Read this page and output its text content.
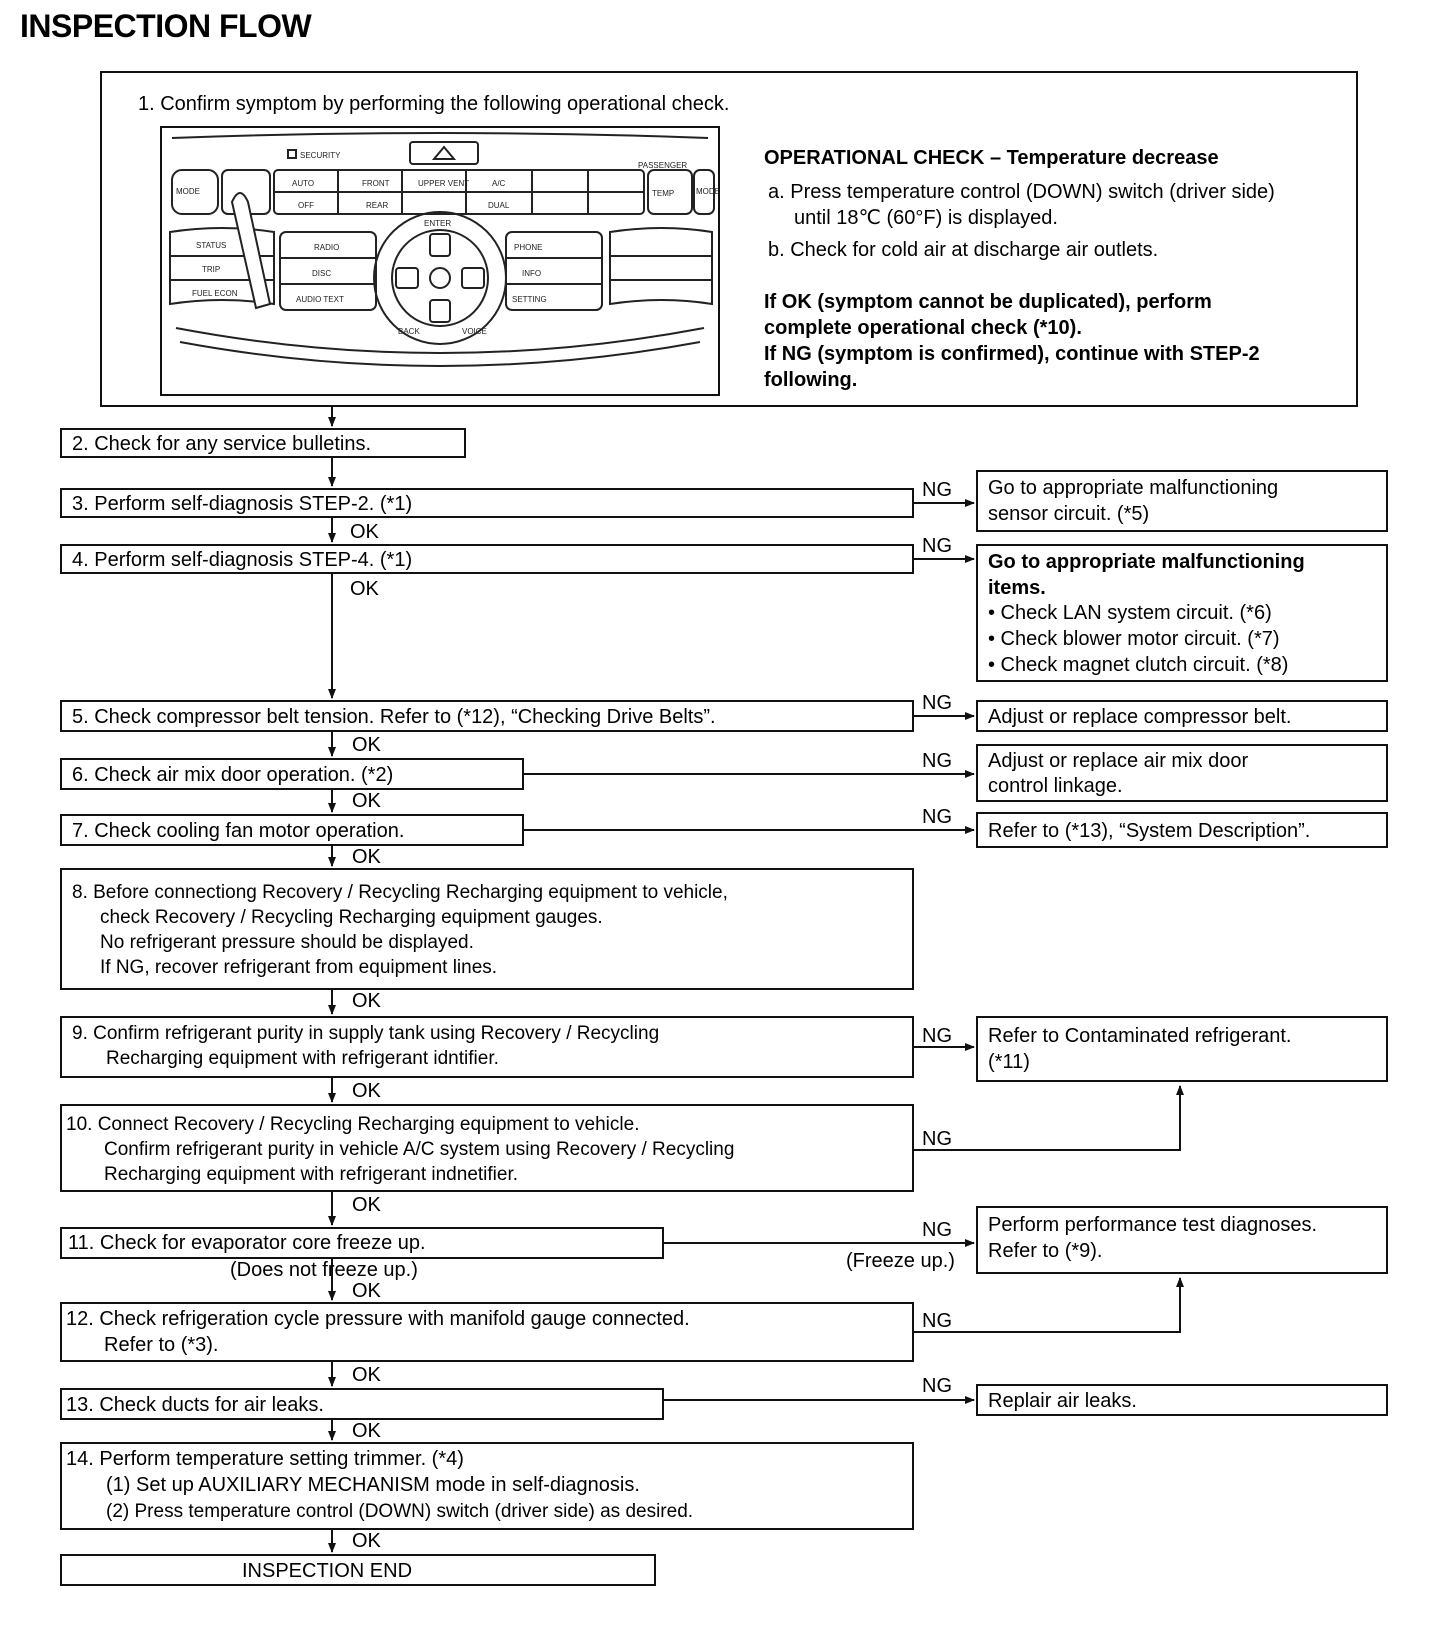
INSPECTION FLOW
1. Confirm symptom by performing the following operational check.
OPERATIONAL CHECK – Temperature decrease
a. Press temperature control (DOWN) switch (driver side)
until 18℃ (60°F) is displayed.
b. Check for cold air at discharge air outlets.
If OK (symptom cannot be duplicated), perform
complete operational check (*10).
If NG (symptom is confirmed), continue with STEP-2
following.
SECURITY
PASSENGER
MODE
AUTO
OFF
FRONT
REAR
UPPER VENT	A/C
DUAL
TEMP	MODE
STATUS
TRIP
FUEL ECON
RADIO
DISC
AUDIO TEXT
ENTER
BACK	VOICE
PHONE
INFO
SETTING
2. Check for any service bulletins.
3. Perform self-diagnosis STEP-2. (*1)
4. Perform self-diagnosis STEP-4. (*1)
5. Check compressor belt tension. Refer to (*12), “Checking Drive Belts”.
6. Check air mix door operation. (*2)
7. Check cooling fan motor operation.
8. Before connectiong Recovery / Recycling Recharging equipment to vehicle,
check Recovery / Recycling Recharging equipment gauges.
No refrigerant pressure should be displayed.
If NG, recover refrigerant from equipment lines.
9. Confirm refrigerant purity in supply tank using Recovery / Recycling
Recharging equipment with refrigerant idntifier.
10. Connect Recovery / Recycling Recharging equipment to vehicle.
Confirm refrigerant purity in vehicle A/C system using Recovery / Recycling
Recharging equipment with refrigerant indnetifier.
11. Check for evaporator core freeze up.
12. Check refrigeration cycle pressure with manifold gauge connected.
Refer to (*3).
13. Check ducts for air leaks.
14. Perform temperature setting trimmer. (*4)
(1) Set up AUXILIARY MECHANISM mode in self-diagnosis.
(2) Press temperature control (DOWN) switch (driver side) as desired.
INSPECTION END
Go to appropriate malfunctioning
sensor circuit. (*5)
Go to appropriate malfunctioning
items.
• Check LAN system circuit. (*6)
• Check blower motor circuit. (*7)
• Check magnet clutch circuit. (*8)
Adjust or replace compressor belt.
Adjust or replace air mix door
control linkage.
Refer to (*13), “System Description”.
Refer to Contaminated refrigerant.
(*11)
Perform performance test diagnoses.
Refer to (*9).
Replair air leaks.
OK
OK
OK
OK
OK
OK
OK
OK
OK
OK
OK
OK
(Does not freeze up.)	(Freeze up.)
NG
NG
NG
NG
NG
NG
NG
NG
NG
NG
